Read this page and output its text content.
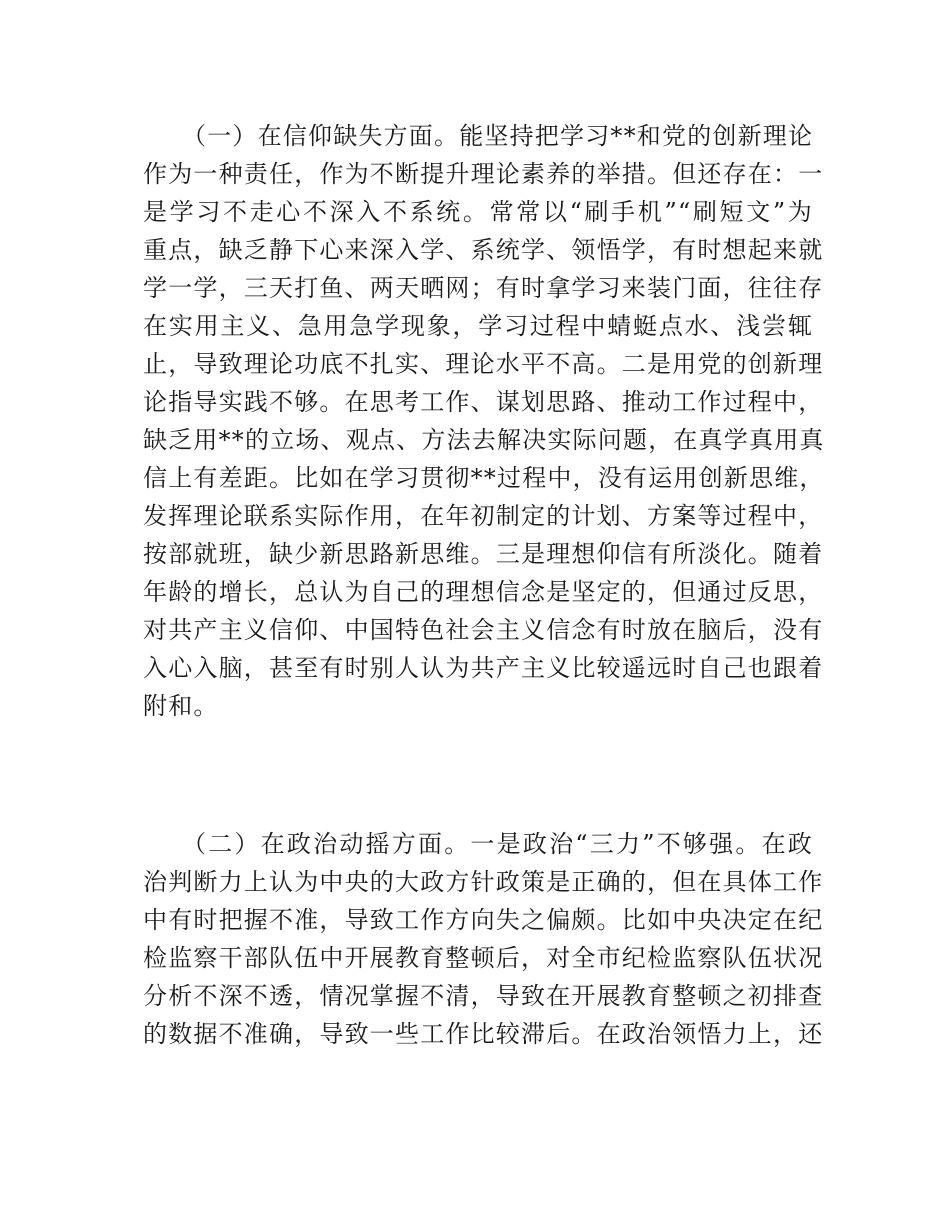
（一）在信仰缺失方面。能坚持把学习**和党的创新理论

作为一种责任，作为不断提升理论素养的举措。但还存在：一

是学习不走心不深入不系统。常常以“刷手机”“刷短文”为

重点，缺乏静下心来深入学、系统学、领悟学，有时想起来就

学一学，三天打鱼、两天晒网；有时拿学习来装门面，往往存

在实用主义、急用急学现象，学习过程中蜻蜓点水、浅尝辄

止，导致理论功底不扎实、理论水平不高。二是用党的创新理

论指导实践不够。在思考工作、谋划思路、推动工作过程中，

缺乏用**的立场、观点、方法去解决实际问题，在真学真用真

信上有差距。比如在学习贯彻**过程中，没有运用创新思维，

发挥理论联系实际作用，在年初制定的计划、方案等过程中，

按部就班，缺少新思路新思维。三是理想仰信有所淡化。随着

年龄的增长，总认为自己的理想信念是坚定的，但通过反思，

对共产主义信仰、中国特色社会主义信念有时放在脑后，没有

入心入脑，甚至有时别人认为共产主义比较遥远时自己也跟着

附和。

（二）在政治动摇方面。一是政治“三力”不够强。在政

治判断力上认为中央的大政方针政策是正确的，但在具体工作

中有时把握不准，导致工作方向失之偏颇。比如中央决定在纪

检监察干部队伍中开展教育整顿后，对全市纪检监察队伍状况

分析不深不透，情况掌握不清，导致在开展教育整顿之初排查

的数据不准确，导致一些工作比较滞后。在政治领悟力上，还
